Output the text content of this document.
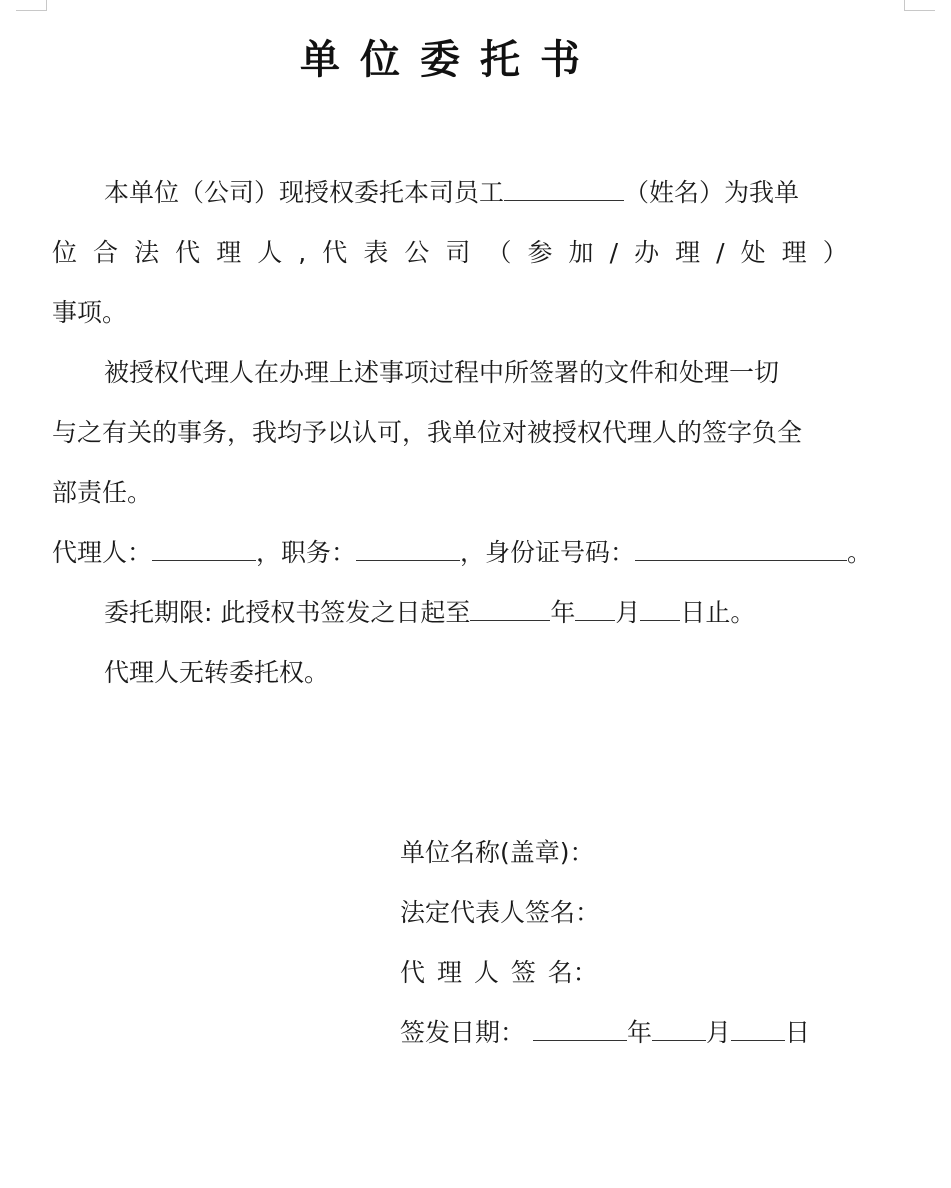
单位委托书
本单位（公司）现授权委托本司员工	（姓名）为我单
位 合 法 代 理 人 , 代 表 公 司 （ 参 加 / 办 理 / 处 理 ）
事项。
被授权代理人在办理上述事项过程中所签署的文件和处理一切
与之有关的事务，我均予以认可，我单位对被授权代理人的签字负全
部责任。
代理人：	，职务：	，身份证号码：	。
委托期限: 此授权书签发之日起至	年 月 日止。
代理人无转委托权。
单位名称(盖章)：
法定代表人签名：
代 理 人 签 名：
签发日期：	年 月 日
